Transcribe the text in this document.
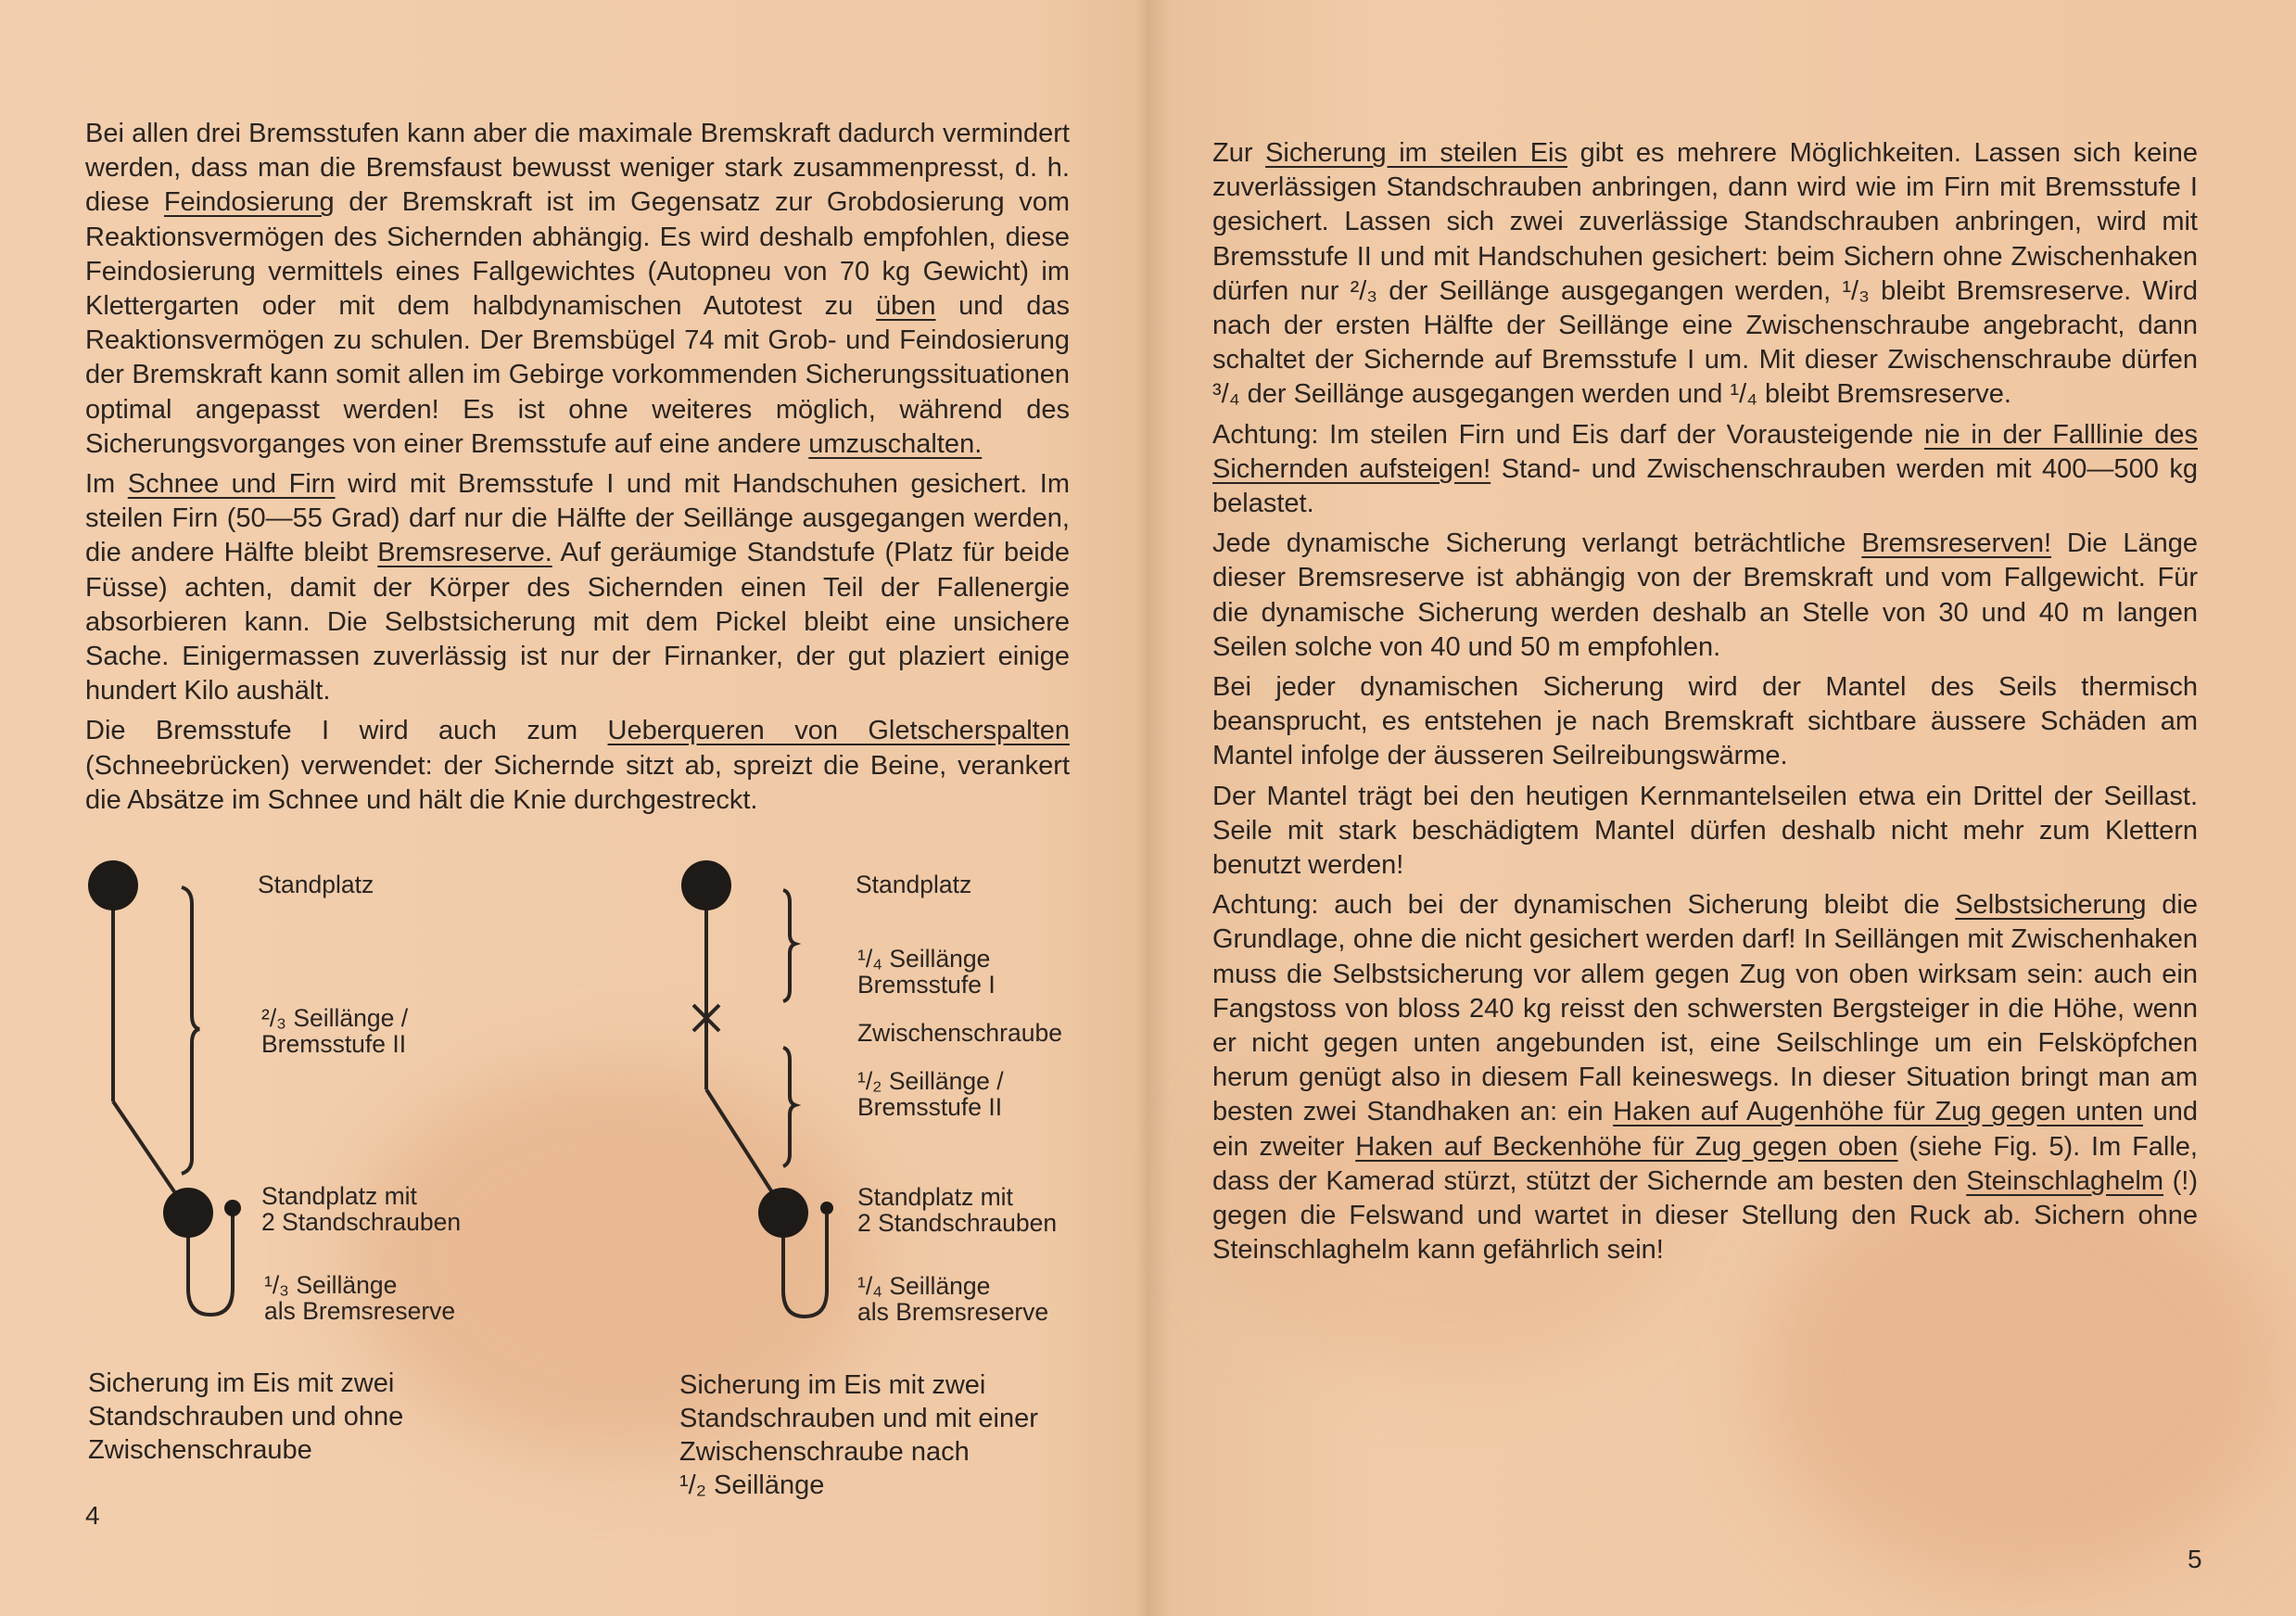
Bei allen drei Bremsstufen kann aber die maximale Bremskraft dadurch vermindert werden, dass man die Bremsfaust bewusst weniger stark zusammenpresst, d. h. diese Feindosierung der Bremskraft ist im Gegensatz zur Grobdosierung vom Reaktionsvermögen des Sichernden abhängig. Es wird deshalb empfohlen, diese Feindosierung vermittels eines Fallgewichtes (Autopneu von 70 kg Gewicht) im Klettergarten oder mit dem halbdynamischen Autotest zu üben und das Reaktionsvermögen zu schulen. Der Bremsbügel 74 mit Grob- und Feindosierung der Bremskraft kann somit allen im Gebirge vorkommenden Sicherungssituationen optimal angepasst werden! Es ist ohne weiteres möglich, während des Sicherungsvorganges von einer Bremsstufe auf eine andere umzuschalten.

Im Schnee und Firn wird mit Bremsstufe I und mit Handschuhen gesichert. Im steilen Firn (50—55 Grad) darf nur die Hälfte der Seillänge ausgegangen werden, die andere Hälfte bleibt Bremsreserve. Auf geräumige Standstufe (Platz für beide Füsse) achten, damit der Körper des Sichernden einen Teil der Fallenergie absorbieren kann. Die Selbstsicherung mit dem Pickel bleibt eine unsichere Sache. Einigermassen zuverlässig ist nur der Firnanker, der gut plaziert einige hundert Kilo aushält.

Die Bremsstufe I wird auch zum Ueberqueren von Gletscherspalten (Schneebrücken) verwendet: der Sichernde sitzt ab, spreizt die Beine, verankert die Absätze im Schnee und hält die Knie durchgestreckt.

Standplatz
²/₃ Seillänge /
Bremsstufe II
Standplatz mit
2 Standschrauben
¹/₃ Seillänge
als Bremsreserve
Sicherung im Eis mit zwei
Standschrauben und ohne
Zwischenschraube
Standplatz
¹/₄ Seillänge
Bremsstufe I
Zwischenschraube
¹/₂ Seillänge /
Bremsstufe II
Standplatz mit
2 Standschrauben
¹/₄ Seillänge
als Bremsreserve
Sicherung im Eis mit zwei
Standschrauben und mit einer
Zwischenschraube nach
¹/₂ Seillänge
4

Zur Sicherung im steilen Eis gibt es mehrere Möglichkeiten. Lassen sich keine zuverlässigen Standschrauben anbringen, dann wird wie im Firn mit Bremsstufe I gesichert. Lassen sich zwei zuverlässige Standschrauben anbringen, wird mit Bremsstufe II und mit Handschuhen gesichert: beim Sichern ohne Zwischenhaken dürfen nur ²/₃ der Seillänge ausgegangen werden, ¹/₃ bleibt Bremsreserve. Wird nach der ersten Hälfte der Seillänge eine Zwischenschraube angebracht, dann schaltet der Sichernde auf Bremsstufe I um. Mit dieser Zwischenschraube dürfen ³/₄ der Seillänge ausgegangen werden und ¹/₄ bleibt Bremsreserve.

Achtung: Im steilen Firn und Eis darf der Vorausteigende nie in der Falllinie des Sichernden aufsteigen! Stand- und Zwischenschrauben werden mit 400—500 kg belastet.

Jede dynamische Sicherung verlangt beträchtliche Bremsreserven! Die Länge dieser Bremsreserve ist abhängig von der Bremskraft und vom Fallgewicht. Für die dynamische Sicherung werden deshalb an Stelle von 30 und 40 m langen Seilen solche von 40 und 50 m empfohlen.

Bei jeder dynamischen Sicherung wird der Mantel des Seils thermisch beansprucht, es entstehen je nach Bremskraft sichtbare äussere Schäden am Mantel infolge der äusseren Seilreibungswärme.

Der Mantel trägt bei den heutigen Kernmantelseilen etwa ein Drittel der Seillast. Seile mit stark beschädigtem Mantel dürfen deshalb nicht mehr zum Klettern benutzt werden!

Achtung: auch bei der dynamischen Sicherung bleibt die Selbstsicherung die Grundlage, ohne die nicht gesichert werden darf! In Seillängen mit Zwischenhaken muss die Selbstsicherung vor allem gegen Zug von oben wirksam sein: auch ein Fangstoss von bloss 240 kg reisst den schwersten Bergsteiger in die Höhe, wenn er nicht gegen unten angebunden ist, eine Seilschlinge um ein Felsköpfchen herum genügt also in diesem Fall keineswegs. In dieser Situation bringt man am besten zwei Standhaken an: ein Haken auf Augenhöhe für Zug gegen unten und ein zweiter Haken auf Beckenhöhe für Zug gegen oben (siehe Fig. 5). Im Falle, dass der Kamerad stürzt, stützt der Sichernde am besten den Steinschlaghelm (!) gegen die Felswand und wartet in dieser Stellung den Ruck ab. Sichern ohne Steinschlaghelm kann gefährlich sein!

5
